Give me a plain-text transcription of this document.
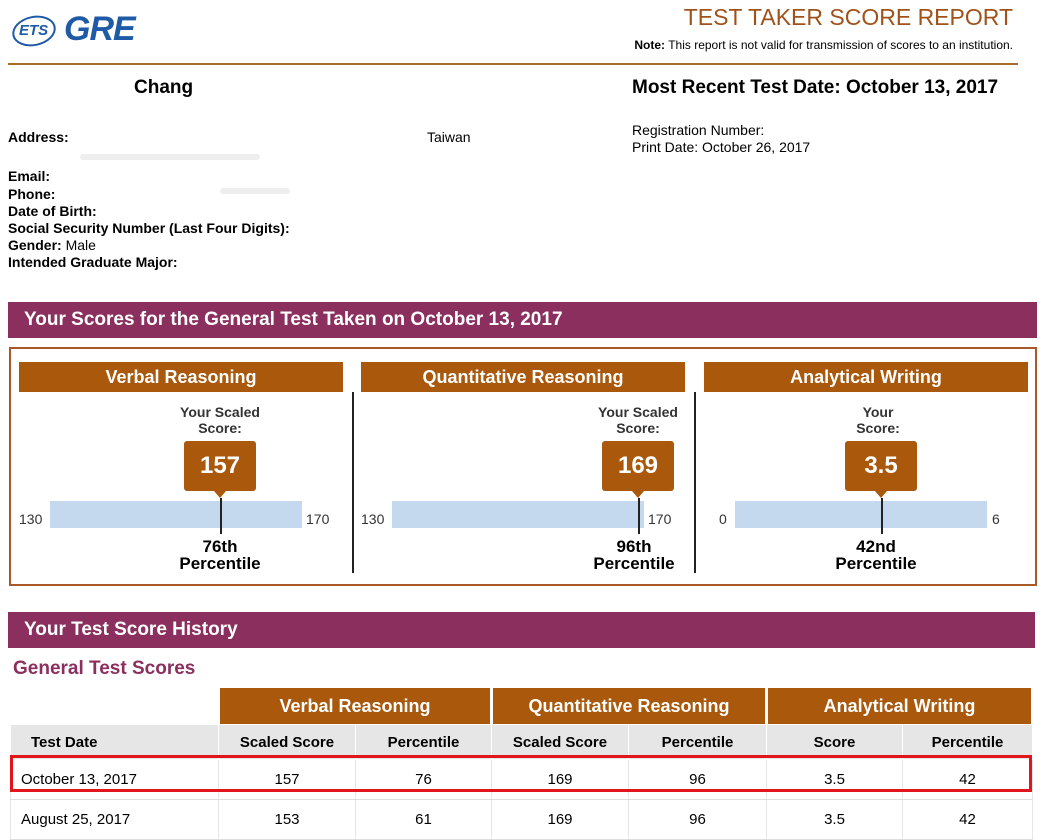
ETS GRE	TEST TAKER SCORE REPORT
Note: This report is not valid for transmission of scores to an institution.
Chang	Most Recent Test Date: October 13, 2017
Address:	Taiwan	Registration Number:
Print Date: October 26, 2017
Email:
Phone:
Date of Birth:
Social Security Number (Last Four Digits):
Gender: Male
Intended Graduate Major:
Your Scores for the General Test Taken on October 13, 2017
Verbal Reasoning
Your Scaled
Score:
157
130	170
76th
Percentile
Quantitative Reasoning
Your Scaled
Score:
169
130	170
96th
Percentile
Analytical Writing
Your
Score:
3.5
0	6
42nd
Percentile
Your Test Score History
General Test Scores
	Verbal Reasoning		Quantitative Reasoning		Analytical Writing	
Test Date	Scaled Score	Percentile	Scaled Score	Percentile	Score	Percentile
October 13, 2017	157	76	169	96	3.5	42
August 25, 2017	153	61	169	96	3.5	42
